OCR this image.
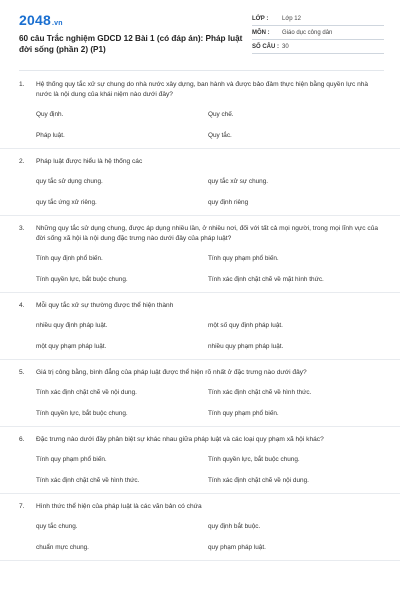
2048.vn
60 câu Trắc nghiệm GDCD 12 Bài 1 (có đáp án): Pháp luật đời sống (phần 2) (P1)
LỚP :	Lớp 12
MÔN :	Giáo dục công dân
SỐ CÂU : 30
1.	Hệ thống quy tắc xử sự chung do nhà nước xây dựng, ban hành và được bảo đảm thực hiện bằng quyền lực nhà nước là nội dung của khái niệm nào dưới đây?
Quy định.	Quy chế.
Pháp luật.	Quy tắc.
2.	Pháp luật được hiểu là hệ thống các
quy tắc sử dụng chung.	quy tắc xử sự chung.
quy tắc ứng xử riêng.	quy định riêng
3.	Những quy tắc sử dụng chung, được áp dụng nhiều lần, ở nhiều nơi, đối với tất cả mọi người, trong mọi lĩnh vực của đời sống xã hội là nội dung đặc trưng nào dưới đây của pháp luật?
Tính quy định phổ biến.	Tính quy phạm phổ biến.
Tính quyền lực, bắt buộc chung.	Tính xác định chặt chẽ về mặt hình thức.
4.	Mỗi quy tắc xử sự thường được thể hiện thành
nhiều quy định pháp luật.	một số quy định pháp luật.
một quy phạm pháp luật.	nhiều quy phạm pháp luật.
5.	Giá trị công bằng, bình đẳng của pháp luật được thể hiện rõ nhất ở đặc trưng nào dưới đây?
Tính xác định chặt chẽ về nội dung.	Tính xác định chặt chẽ về hình thức.
Tính quyền lực, bắt buộc chung.	Tính quy phạm phổ biến.
6.	Đặc trưng nào dưới đây phân biệt sự khác nhau giữa pháp luật và các loại quy phạm xã hội khác?
Tính quy phạm phổ biến.	Tính quyền lực, bắt buộc chung.
Tính xác định chặt chẽ về hình thức.	Tính xác định chặt chẽ về nội dung.
7.	Hình thức thể hiện của pháp luật là các văn bản có chứa
quy tắc chung.	quy định bắt buộc.
chuẩn mực chung.	quy phạm pháp luật.
